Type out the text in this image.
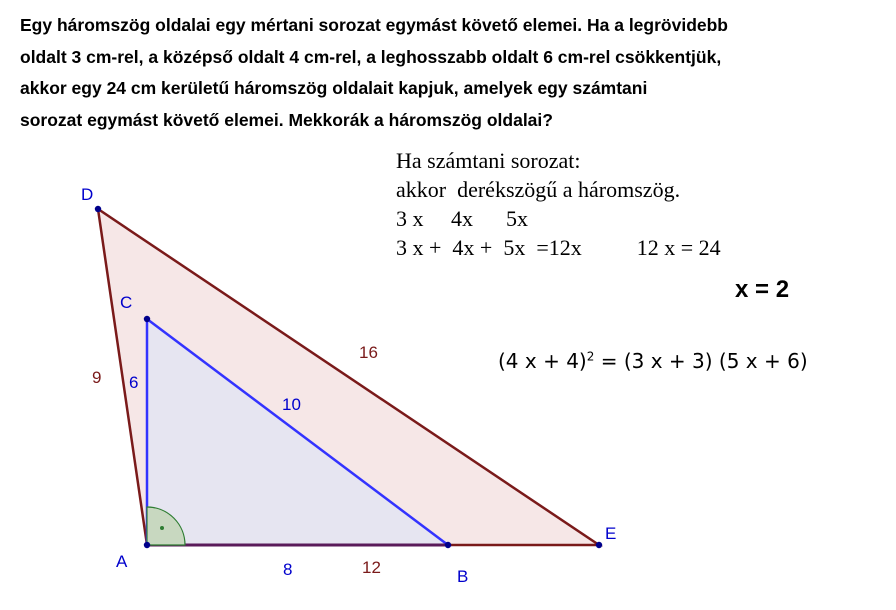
Egy háromszög oldalai egy mértani sorozat egymást követő elemei. Ha a legrövidebb
oldalt 3 cm-rel, a középső oldalt 4 cm-rel, a leghosszabb oldalt 6 cm-rel csökkentjük,
akkor egy 24 cm kerületű háromszög oldalait kapjuk, amelyek egy számtani
sorozat egymást követő elemei. Mekkorák a háromszög oldalai?
D
C
A
B
E
9 6
10
16
8	12
Ha számtani sorozat:
akkor  derékszögű a háromszög.
3 x     4x      5x
3 x +  4x +  5x  =12x          12 x = 24
x = 2
(4 x + 4)$^2$ = (3 x + 3) (5 x + 6)
